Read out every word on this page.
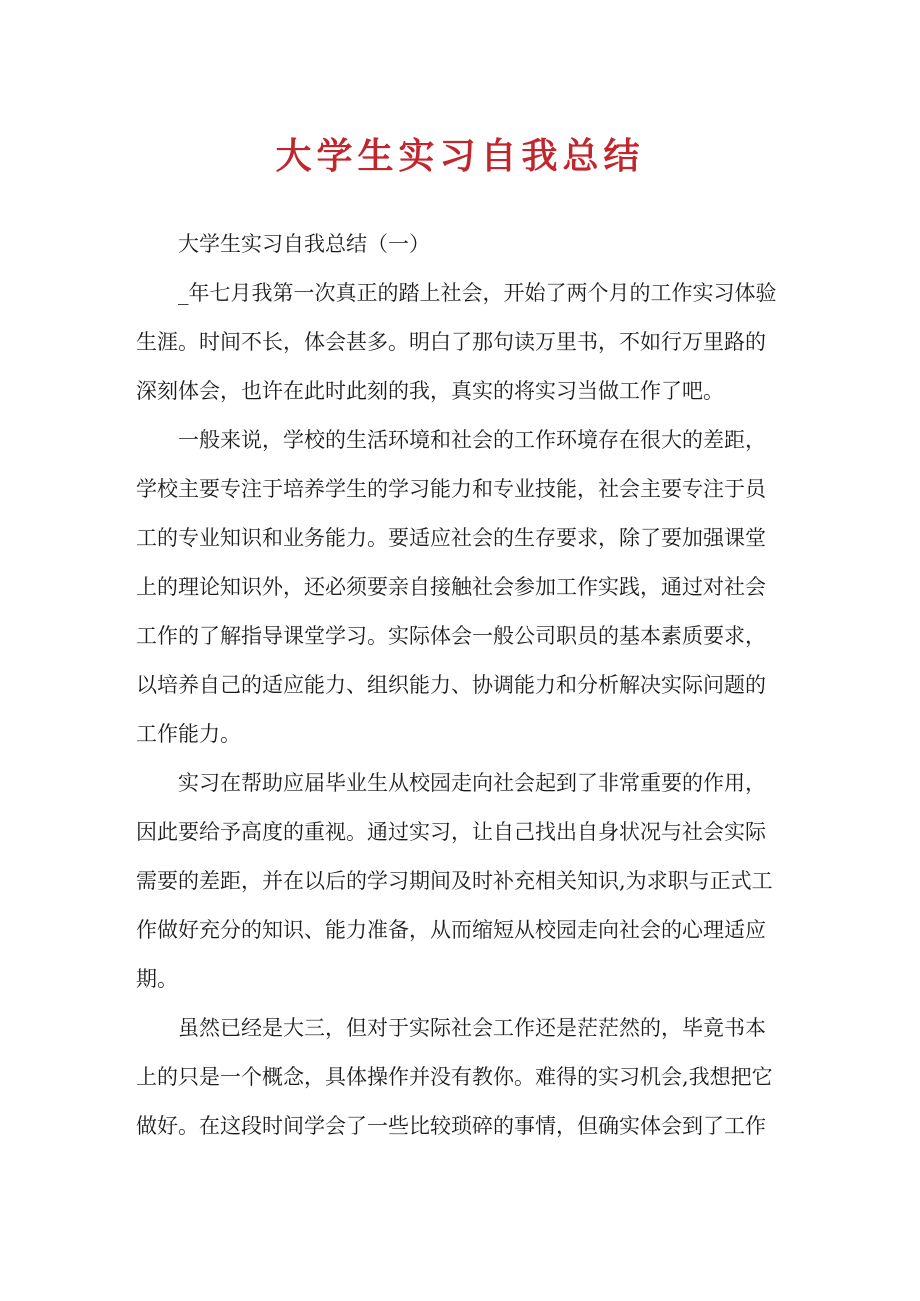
大学生实习自我总结
大学生实习自我总结（一）
_年七月我第一次真正的踏上社会，开始了两个月的工作实习体验
生涯。时间不长，体会甚多。明白了那句读万里书，不如行万里路的
深刻体会，也许在此时此刻的我，真实的将实习当做工作了吧。
一般来说，学校的生活环境和社会的工作环境存在很大的差距，
学校主要专注于培养学生的学习能力和专业技能，社会主要专注于员
工的专业知识和业务能力。要适应社会的生存要求，除了要加强课堂
上的理论知识外，还必须要亲自接触社会参加工作实践，通过对社会
工作的了解指导课堂学习。实际体会一般公司职员的基本素质要求，
以培养自己的适应能力、组织能力、协调能力和分析解决实际问题的
工作能力。
实习在帮助应届毕业生从校园走向社会起到了非常重要的作用，
因此要给予高度的重视。通过实习，让自己找出自身状况与社会实际
需要的差距，并在以后的学习期间及时补充相关知识,为求职与正式工
作做好充分的知识、能力准备，从而缩短从校园走向社会的心理适应
期。
虽然已经是大三，但对于实际社会工作还是茫茫然的，毕竟书本
上的只是一个概念，具体操作并没有教你。难得的实习机会,我想把它
做好。在这段时间学会了一些比较琐碎的事情，但确实体会到了工作
